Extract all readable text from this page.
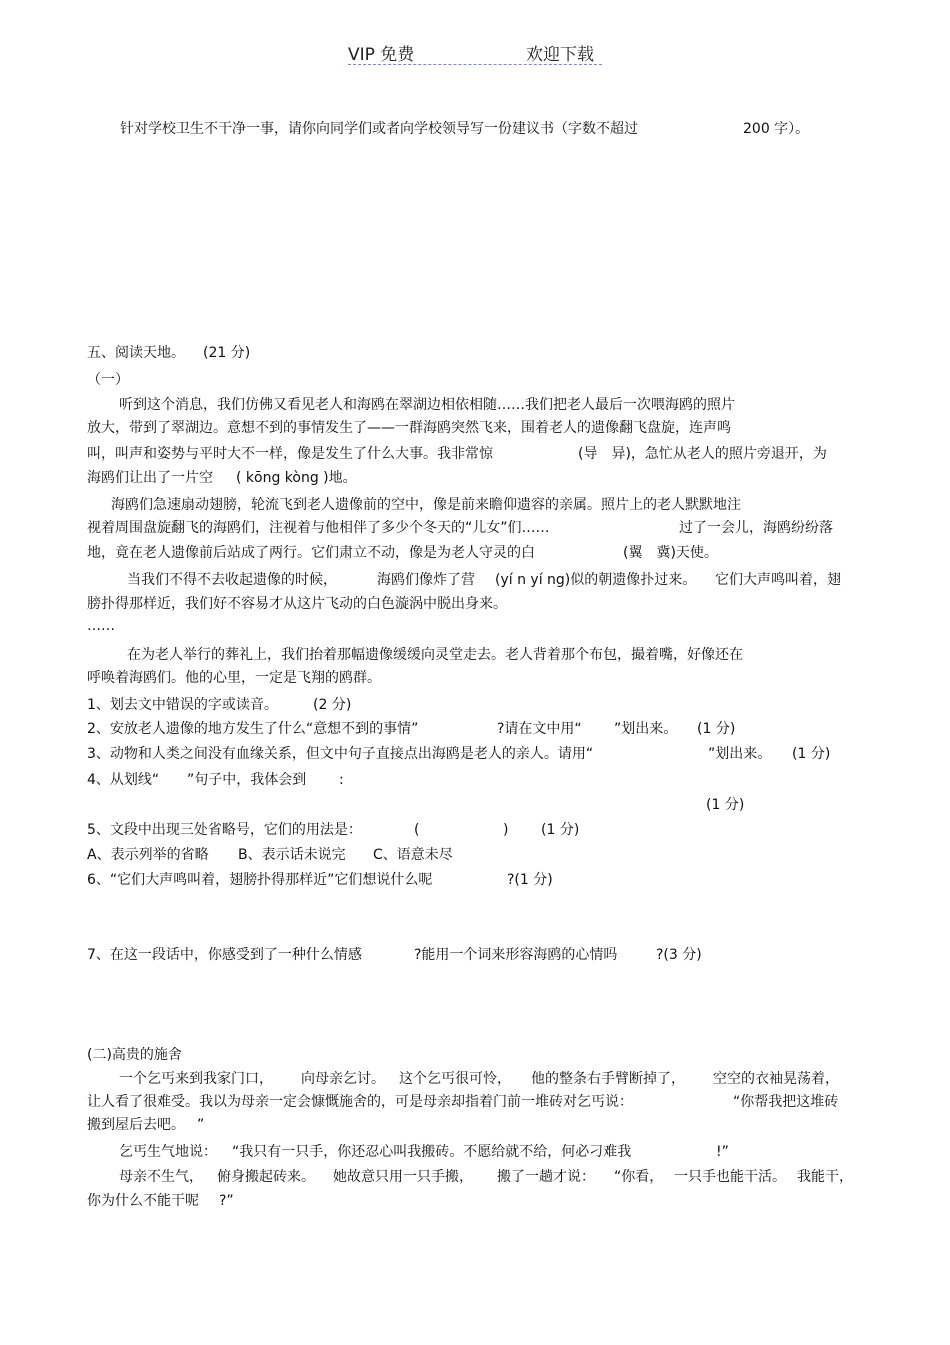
VIP 免费	欢迎下载
针对学校卫生不干净一事，请你向同学们或者向学校领导写一份建议书（字数不超过	200 字）。
五、阅读天地。 (21 分)
（一）
听到这个消息，我们仿佛又看见老人和海鸥在翠湖边相依相随……我们把老人最后一次喂海鸥的照片
放大，带到了翠湖边。意想不到的事情发生了——一群海鸥突然飞来，围着老人的遗像翻飞盘旋，连声鸣
叫，叫声和姿势与平时大不一样，像是发生了什么大事。我非常惊	(导　异)，急忙从老人的照片旁退开，为
海鸥们让出了一片空 ( kōng kòng )地。
海鸥们急速扇动翅膀，轮流飞到老人遗像前的空中，像是前来瞻仰遗容的亲属。照片上的老人默默地注
视着周围盘旋翻飞的海鸥们，注视着与他相伴了多少个冬天的“儿女”们……	过了一会儿，海鸥纷纷落
地，竟在老人遗像前后站成了两行。它们肃立不动，像是为老人守灵的白	(翼　冀)天使。
当我们不得不去收起遗像的时候，	海鸥们像炸了营 (yí n yí ng)似的朝遗像扑过来。 它们大声鸣叫着，翅
膀扑得那样近，我们好不容易才从这片飞动的白色漩涡中脱出身来。
……
在为老人举行的葬礼上，我们抬着那幅遗像缓缓向灵堂走去。老人背着那个布包，撮着嘴，好像还在
呼唤着海鸥们。他的心里，一定是飞翔的鸥群。
1、划去文中错误的字或读音。	(2 分)
2、安放老人遗像的地方发生了什么“意想不到的事情”	?请在文中用“ ”划出来。 (1 分)
3、动物和人类之间没有血缘关系，但文中句子直接点出海鸥是老人的亲人。请用“	”划出来。 (1 分)
4、从划线“ ”句子中，我体会到 :
(1 分)
5、文段中出现三处省略号，它们的用法是：	(	) (1 分)
A、表示列举的省略 B、表示话未说完 C、语意未尽
6、“它们大声鸣叫着，翅膀扑得那样近”它们想说什么呢	?(1 分)
7、在这一段话中，你感受到了一种什么情感	?能用一个词来形容海鸥的心情吗	?(3 分)
(二)高贵的施舍
一个乞丐来到我家门口， 向母亲乞讨。 这个乞丐很可怜， 他的整条右手臂断掉了， 空空的衣袖晃荡着，
让人看了很难受。我以为母亲一定会慷慨施舍的，可是母亲却指着门前一堆砖对乞丐说：	“你帮我把这堆砖
搬到屋后去吧。 ”
乞丐生气地说： “我只有一只手，你还忍心叫我搬砖。不愿给就不给，何必刁难我	!”
母亲不生气， 俯身搬起砖来。 她故意只用一只手搬， 搬了一趟才说： “你看， 一只手也能干活。 我能干，
你为什么不能干呢 ?”
